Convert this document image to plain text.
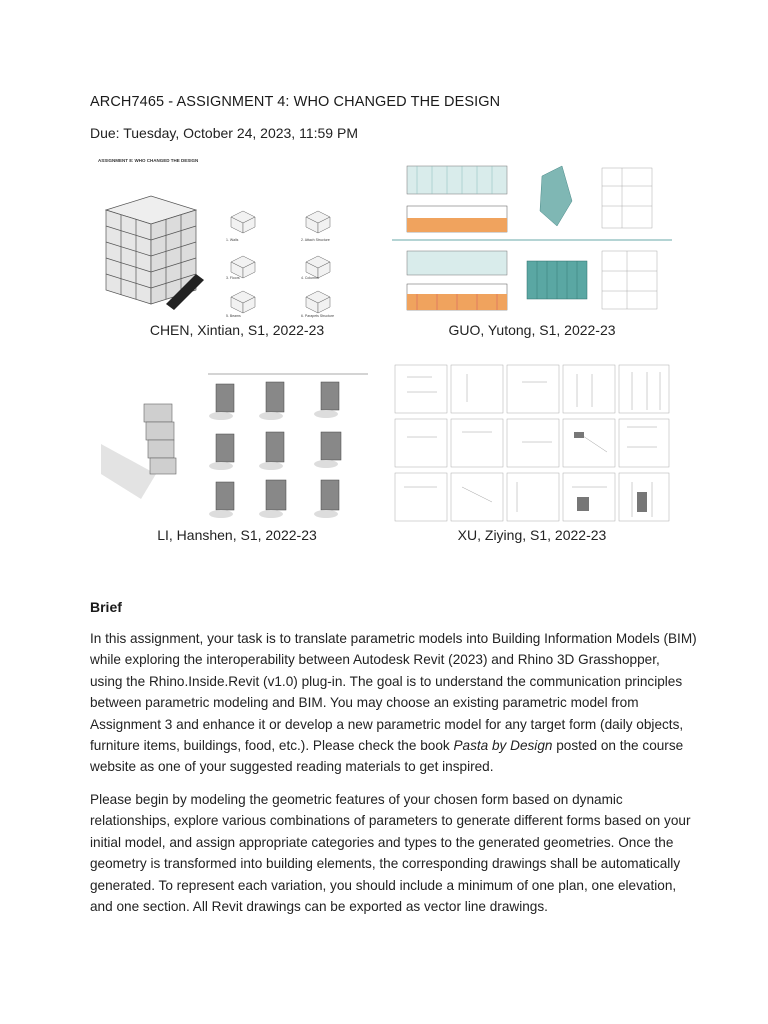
ARCH7465 - ASSIGNMENT 4: WHO CHANGED THE DESIGN
Due: Tuesday, October 24, 2023, 11:59 PM
ASSIGNMENT 8: WHO CHANGED THE DESIGN
1. Walls	2. Attach Structure
3. Floors	4. Columns
5. Beams	6. Parapets Structure
CHEN, Xintian, S1, 2022-23	GUO, Yutong, S1, 2022-23
LI, Hanshen, S1, 2022-23	XU, Ziying, S1, 2022-23
Brief
In this assignment, your task is to translate parametric models into Building Information Models (BIM)
while exploring the interoperability between Autodesk Revit (2023) and Rhino 3D Grasshopper,
using the Rhino.Inside.Revit (v1.0) plug-in. The goal is to understand the communication principles
between parametric modeling and BIM. You may choose an existing parametric model from
Assignment 3 and enhance it or develop a new parametric model for any target form (daily objects,
furniture items, buildings, food, etc.). Please check the book Pasta by Design posted on the course
website as one of your suggested reading materials to get inspired.
Please begin by modeling the geometric features of your chosen form based on dynamic
relationships, explore various combinations of parameters to generate different forms based on your
initial model, and assign appropriate categories and types to the generated geometries. Once the
geometry is transformed into building elements, the corresponding drawings shall be automatically
generated. To represent each variation, you should include a minimum of one plan, one elevation,
and one section. All Revit drawings can be exported as vector line drawings.
